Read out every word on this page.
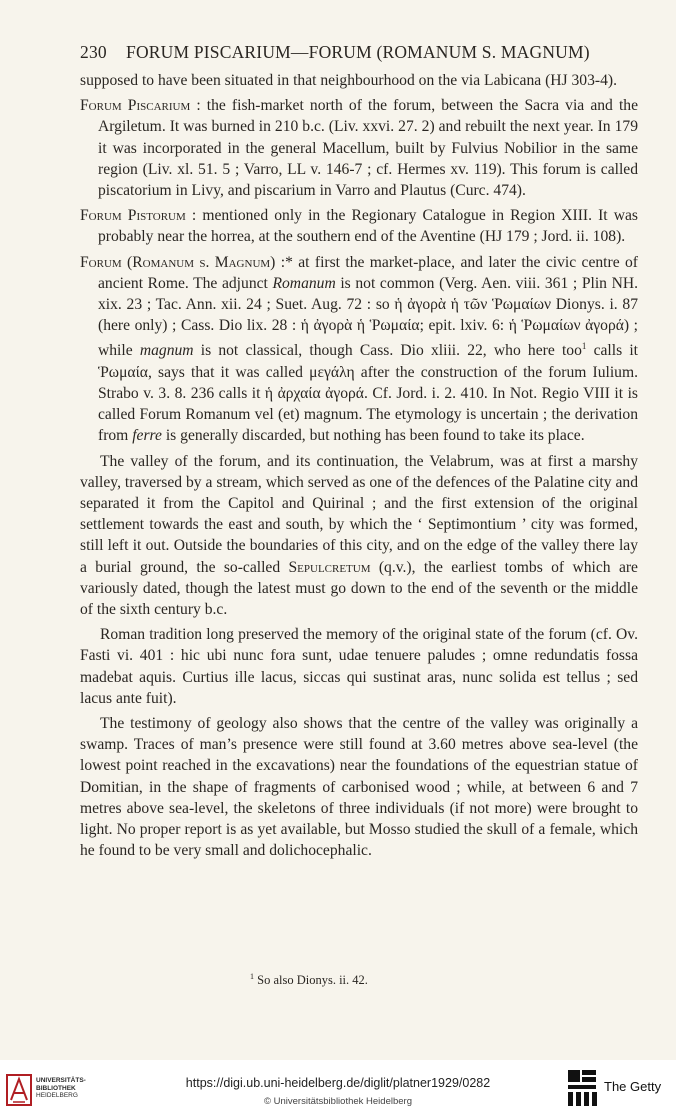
230 FORUM PISCARIUM—FORUM (ROMANUM S. MAGNUM)

supposed to have been situated in that neighbourhood on the via Labicana (HJ 303-4).

Forum Piscarium : the fish-market north of the forum, between the Sacra via and the Argiletum. It was burned in 210 b.c. (Liv. xxvi. 27. 2) and rebuilt the next year. In 179 it was incorporated in the general Macellum, built by Fulvius Nobilior in the same region (Liv. xl. 51. 5 ; Varro, LL v. 146-7 ; cf. Hermes xv. 119). This forum is called piscatorium in Livy, and piscarium in Varro and Plautus (Curc. 474).

Forum Pistorum : mentioned only in the Regionary Catalogue in Region XIII. It was probably near the horrea, at the southern end of the Aventine (HJ 179 ; Jord. ii. 108).

Forum (Romanum s. Magnum) :* at first the market-place, and later the civic centre of ancient Rome. The adjunct Romanum is not common (Verg. Aen. viii. 361 ; Plin NH. xix. 23 ; Tac. Ann. xii. 24 ; Suet. Aug. 72 : so ἡ ἀγορὰ ἡ τῶν Ῥωμαίων Dionys. i. 87 (here only) ; Cass. Dio lix. 28 : ἡ ἀγορὰ ἡ Ῥωμαία; epit. lxiv. 6: ἡ Ῥωμαίων ἀγορά) ; while magnum is not classical, though Cass. Dio xliii. 22, who here too$^1$ calls it Ῥωμαία, says that it was called μεγάλη after the construction of the forum Iulium. Strabo v. 3. 8. 236 calls it ἡ ἀρχαία ἀγορά. Cf. Jord. i. 2. 410. In Not. Regio VIII it is called Forum Romanum vel (et) magnum. The etymology is uncertain ; the derivation from ferre is generally discarded, but nothing has been found to take its place.

The valley of the forum, and its continuation, the Velabrum, was at first a marshy valley, traversed by a stream, which served as one of the defences of the Palatine city and separated it from the Capitol and Quirinal ; and the first extension of the original settlement towards the east and south, by which the ‘ Septimontium ’ city was formed, still left it out. Outside the boundaries of this city, and on the edge of the valley there lay a burial ground, the so-called Sepulcretum (q.v.), the earliest tombs of which are variously dated, though the latest must go down to the end of the seventh or the middle of the sixth century b.c.

Roman tradition long preserved the memory of the original state of the forum (cf. Ov. Fasti vi. 401 : hic ubi nunc fora sunt, udae tenuere paludes ; omne redundatis fossa madebat aquis. Curtius ille lacus, siccas qui sustinat aras, nunc solida est tellus ; sed lacus ante fuit).

The testimony of geology also shows that the centre of the valley was originally a swamp. Traces of man’s presence were still found at 3.60 metres above sea-level (the lowest point reached in the excavations) near the foundations of the equestrian statue of Domitian, in the shape of fragments of carbonised wood ; while, at between 6 and 7 metres above sea-level, the skeletons of three individuals (if not more) were brought to light. No proper report is as yet available, but Mosso studied the skull of a female, which he found to be very small and dolichocephalic.

$^1$ So also Dionys. ii. 42.
UNIVERSITÄTS-
BIBLIOTHEK
HEIDELBERG
https://digi.ub.uni-heidelberg.de/diglit/platner1929/0282
© Universitätsbibliothek Heidelberg
The Getty
